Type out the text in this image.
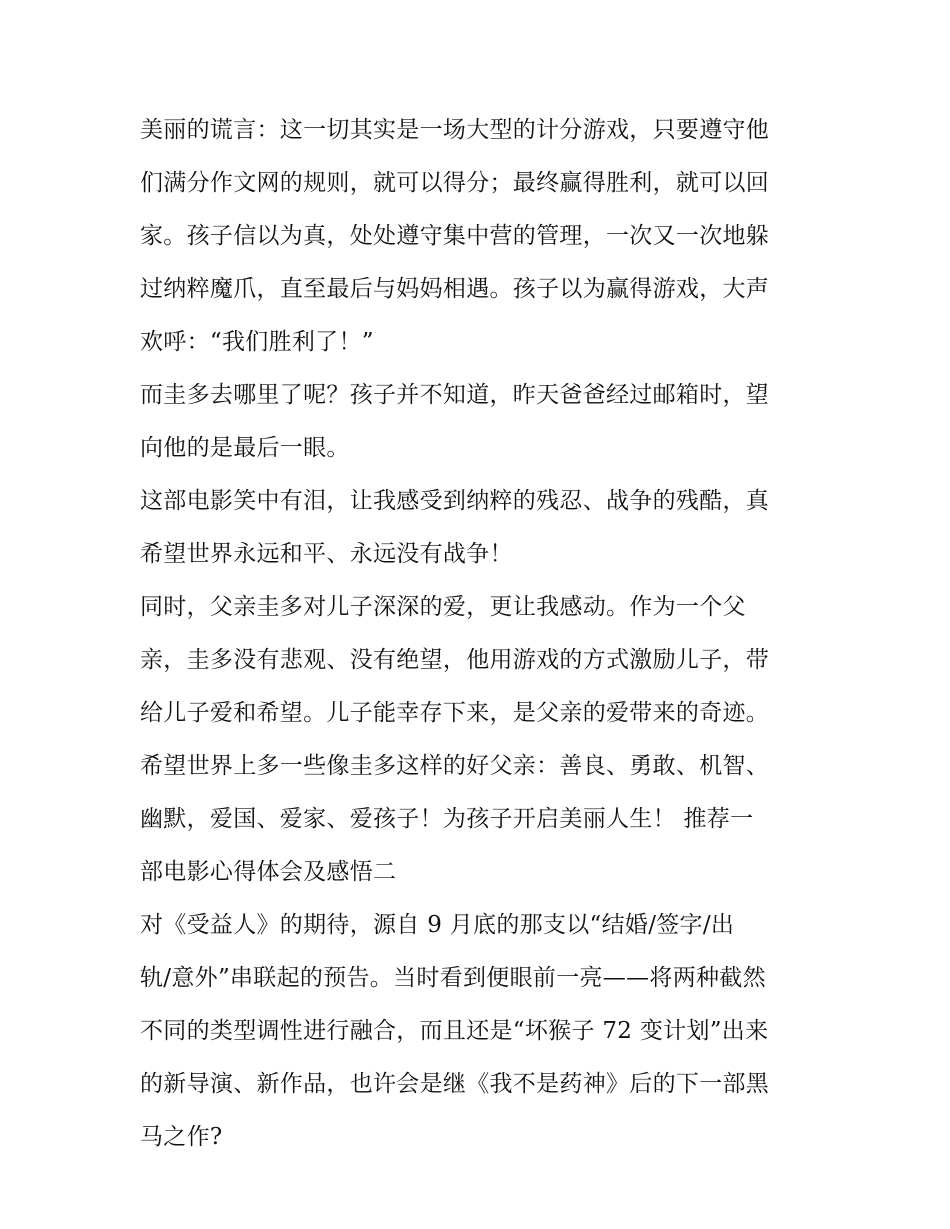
美丽的谎言：这一切其实是一场大型的计分游戏，只要遵守他
们满分作文网的规则，就可以得分；最终赢得胜利，就可以回
家。孩子信以为真，处处遵守集中营的管理，一次又一次地躲
过纳粹魔爪，直至最后与妈妈相遇。孩子以为赢得游戏，大声
欢呼：“我们胜利了！”
而圭多去哪里了呢？孩子并不知道，昨天爸爸经过邮箱时，望
向他的是最后一眼。
这部电影笑中有泪，让我感受到纳粹的残忍、战争的残酷，真
希望世界永远和平、永远没有战争！
同时，父亲圭多对儿子深深的爱，更让我感动。作为一个父
亲，圭多没有悲观、没有绝望，他用游戏的方式激励儿子，带
给儿子爱和希望。儿子能幸存下来，是父亲的爱带来的奇迹。
希望世界上多一些像圭多这样的好父亲：善良、勇敢、机智、
幽默，爱国、爱家、爱孩子！为孩子开启美丽人生！ 推荐一
部电影心得体会及感悟二
对《受益人》的期待，源自 9 月底的那支以“结婚/签字/出
轨/意外”串联起的预告。当时看到便眼前一亮——将两种截然
不同的类型调性进行融合，而且还是“坏猴子 72 变计划”出来
的新导演、新作品，也许会是继《我不是药神》后的下一部黑
马之作?
